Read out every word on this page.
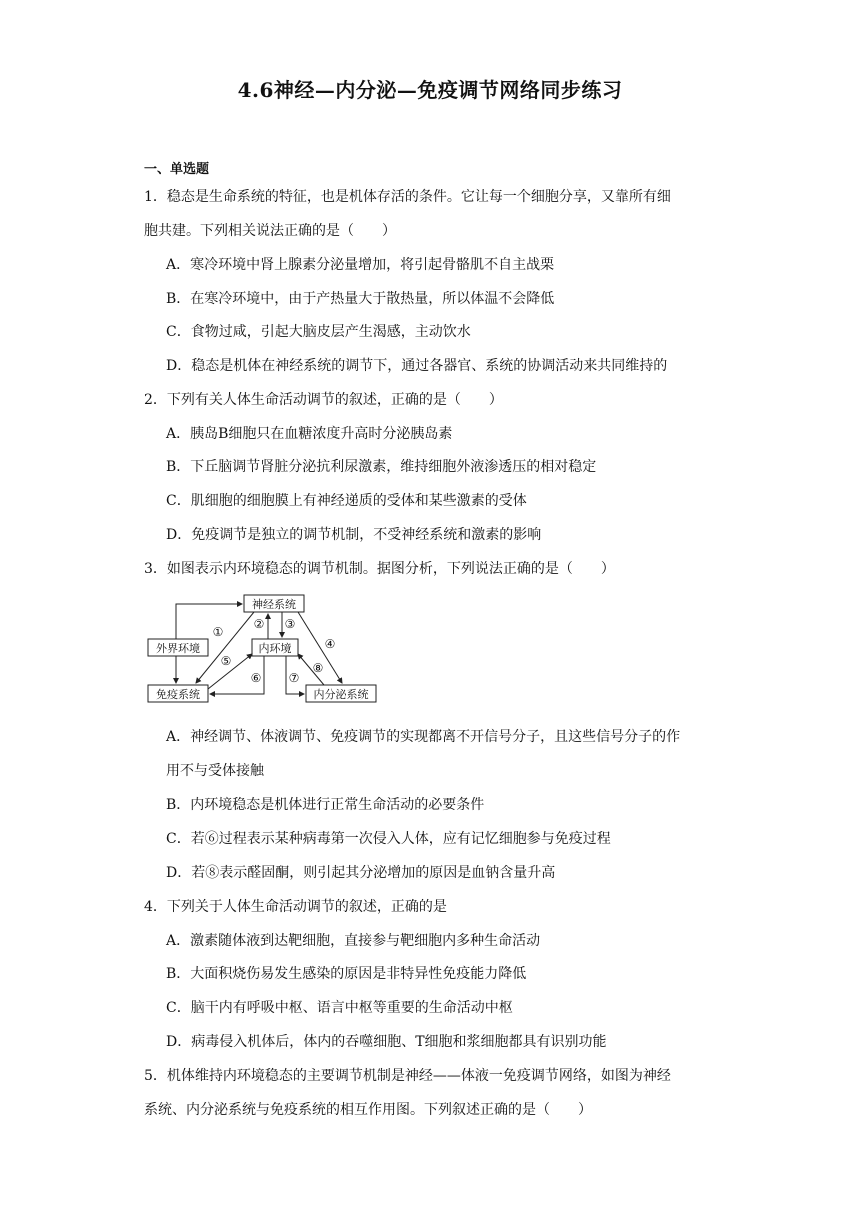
4.6神经—内分泌—免疫调节网络同步练习
一、单选题
1．稳态是生命系统的特征，也是机体存活的条件。它让每一个细胞分享，又靠所有细
胞共建。下列相关说法正确的是（　　）
A．寒冷环境中肾上腺素分泌量增加，将引起骨骼肌不自主战栗
B．在寒冷环境中，由于产热量大于散热量，所以体温不会降低
C．食物过咸，引起大脑皮层产生渴感，主动饮水
D．稳态是机体在神经系统的调节下，通过各器官、系统的协调活动来共同维持的
2．下列有关人体生命活动调节的叙述，正确的是（　　）
A．胰岛B细胞只在血糖浓度升高时分泌胰岛素
B．下丘脑调节肾脏分泌抗利尿激素，维持细胞外液渗透压的相对稳定
C．肌细胞的细胞膜上有神经递质的受体和某些激素的受体
D．免疫调节是独立的调节机制，不受神经系统和激素的影响
3．如图表示内环境稳态的调节机制。据图分析，下列说法正确的是（　　）
神经系统
外界环境	内环境
免疫系统	内分泌系统
①
② ③
④
⑤
⑥ ⑦
⑧
A．神经调节、体液调节、免疫调节的实现都离不开信号分子，且这些信号分子的作
用不与受体接触
B．内环境稳态是机体进行正常生命活动的必要条件
C．若⑥过程表示某种病毒第一次侵入人体，应有记忆细胞参与免疫过程
D．若⑧表示醛固酮，则引起其分泌增加的原因是血钠含量升高
4．下列关于人体生命活动调节的叙述，正确的是
A．激素随体液到达靶细胞，直接参与靶细胞内多种生命活动
B．大面积烧伤易发生感染的原因是非特异性免疫能力降低
C．脑干内有呼吸中枢、语言中枢等重要的生命活动中枢
D．病毒侵入机体后，体内的吞噬细胞、T细胞和浆细胞都具有识别功能
5．机体维持内环境稳态的主要调节机制是神经——体液一免疫调节网络，如图为神经
系统、内分泌系统与免疫系统的相互作用图。下列叙述正确的是（　　）
